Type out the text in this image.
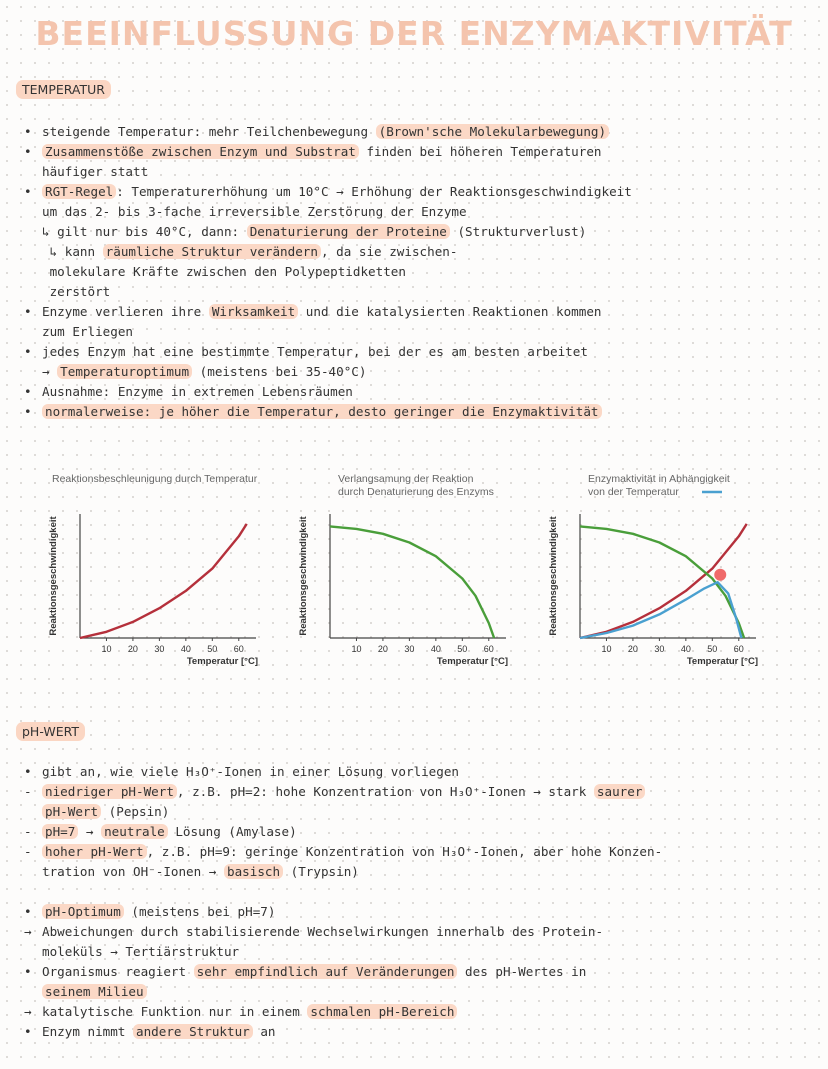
BEEINFLUSSUNG DER ENZYMAKTIVITÄT
TEMPERATUR
• steigende Temperatur: mehr Teilchenbewegung (Brown'sche Molekularbewegung)
• Zusammenstöße zwischen Enzym und Substrat finden bei höheren Temperaturen
häufiger statt
• RGT-Regel : Temperaturerhöhung um 10°C → Erhöhung der Reaktionsgeschwindigkeit
um das 2- bis 3-fache irreversible Zerstörung der Enzyme
↳ gilt nur bis 40°C, dann: Denaturierung der Proteine (Strukturverlust)
↳ kann räumliche Struktur verändern , da sie zwischen-
molekulare Kräfte zwischen den Polypeptidketten
zerstört
• Enzyme verlieren ihre Wirksamkeit und die katalysierten Reaktionen kommen
zum Erliegen
• jedes Enzym hat eine bestimmte Temperatur, bei der es am besten arbeitet
→ Temperaturoptimum (meistens bei 35-40°C)
• Ausnahme: Enzyme in extremen Lebensräumen
• normalerweise: je höher die Temperatur, desto geringer die Enzymaktivität
Reaktionsbeschleunigung durch Temperatur
10 20 30 40 50 60
Temperatur [°C]
Reaktionsgeschwindigkeit
Verlangsamung der Reaktion
durch Denaturierung des Enzyms
10 20 30 40 50 60
Temperatur [°C]
Reaktionsgeschwindigkeit
Enzymaktivität in Abhängigkeit
von der Temperatur
10 20 30 40 50 60
Temperatur [°C]
Reaktionsgeschwindigkeit
pH-WERT
• gibt an, wie viele H₃O⁺-Ionen in einer Lösung vorliegen
- niedriger pH-Wert , z.B. pH=2: hohe Konzentration von H₃O⁺-Ionen → stark saurer
pH-Wert (Pepsin)
- pH=7 → neutrale Lösung (Amylase)
- hoher pH-Wert , z.B. pH=9: geringe Konzentration von H₃O⁺-Ionen, aber hohe Konzen-
tration von OH⁻-Ionen → basisch (Trypsin)
• pH-Optimum (meistens bei pH=7)
→ Abweichungen durch stabilisierende Wechselwirkungen innerhalb des Protein-
moleküls → Tertiärstruktur
• Organismus reagiert sehr empfindlich auf Veränderungen des pH-Wertes in
seinem Milieu
→ katalytische Funktion nur in einem schmalen pH-Bereich
• Enzym nimmt andere Struktur an
